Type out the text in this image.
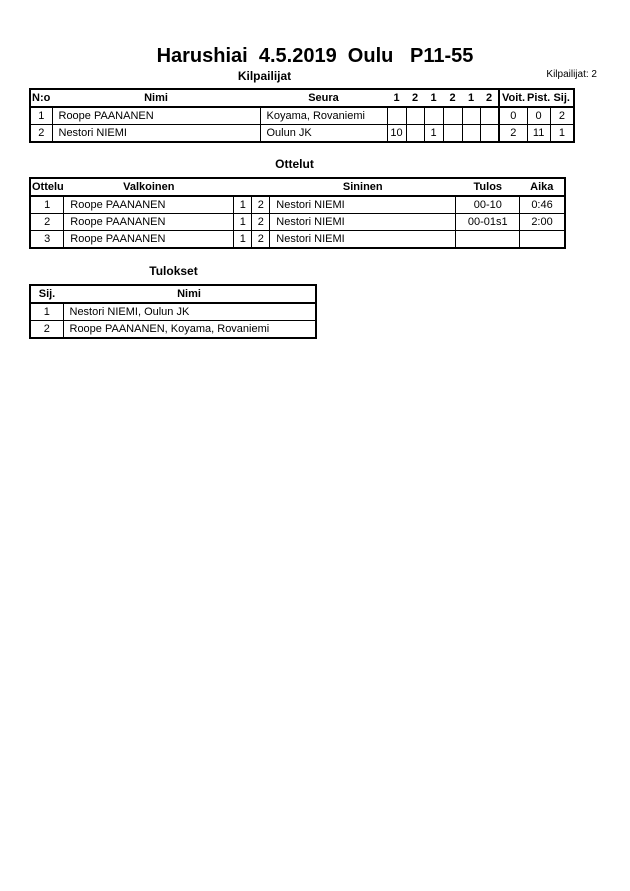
Harushiai  4.5.2019  Oulu   P11-55
Kilpailijat	Kilpailijat: 2
N:o	Nimi	Seura	1	2	1	2	1	2	Voit.	Pist.	Sij.
1	Roope PAANANEN	Koyama, Rovaniemi							0	0	2
2	Nestori NIEMI	Oulun JK	10		1				2	11	1
Ottelut
Ottelu	Valkoinen			Sininen	Tulos	Aika
1	Roope PAANANEN	1	2	Nestori NIEMI	00-10	0:46
2	Roope PAANANEN	1	2	Nestori NIEMI	00-01s1	2:00
3	Roope PAANANEN	1	2	Nestori NIEMI		
Tulokset
Sij.	Nimi
1	Nestori NIEMI, Oulun JK
2	Roope PAANANEN, Koyama, Rovaniemi
